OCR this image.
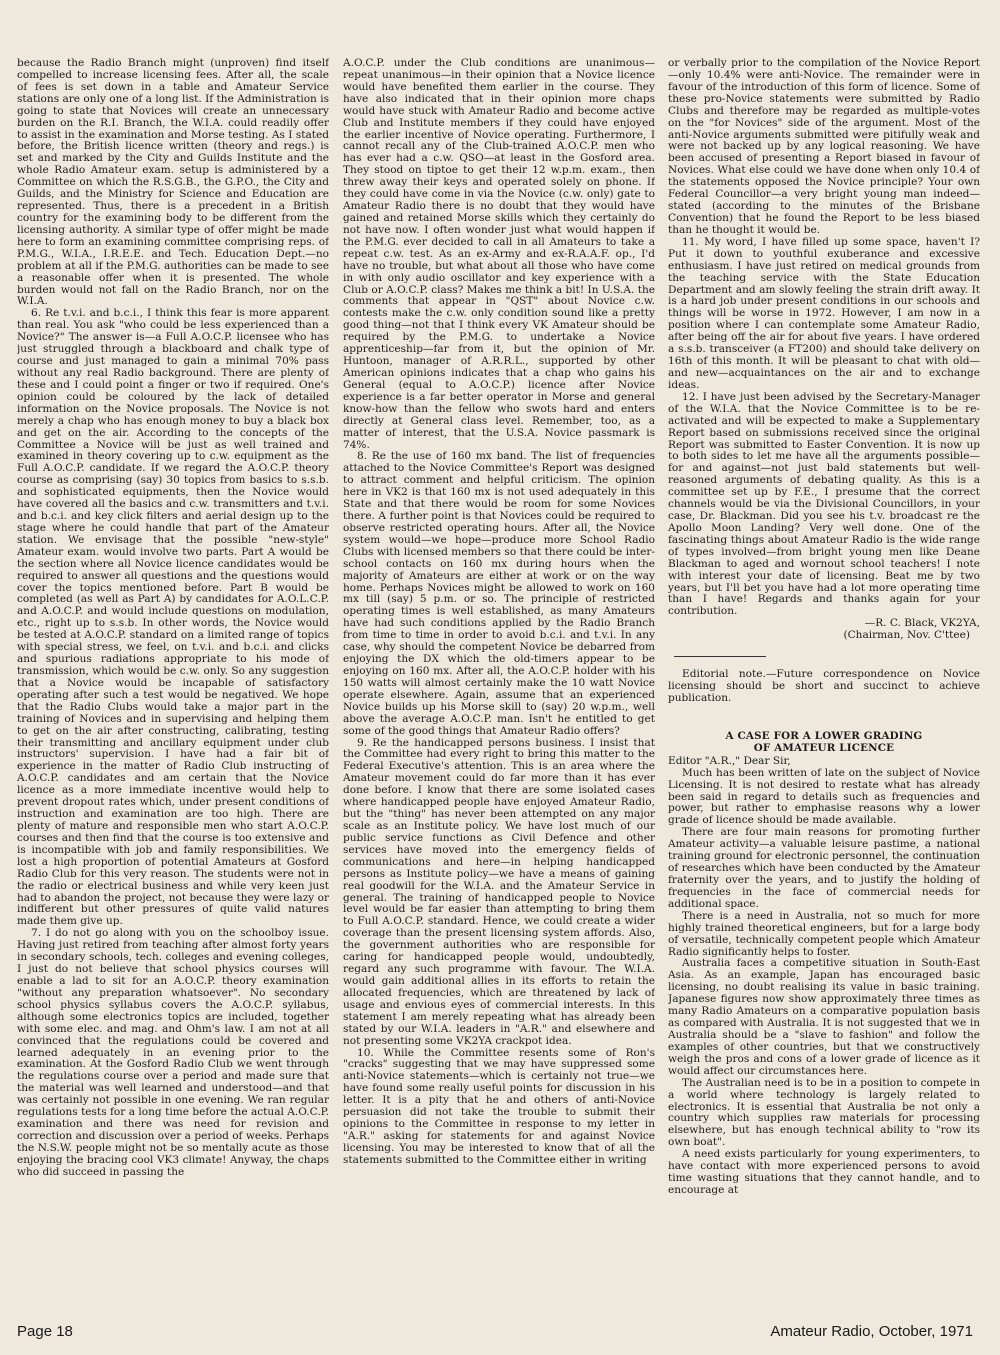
because the Radio Branch might (unproven) find itself compelled to increase licensing fees. After all, the scale of fees is set down in a table and Amateur Service stations are only one of a long list. If the Administration is going to state that Novices will create an unnecessary burden on the R.I. Branch, the W.I.A. could readily offer to assist in the examination and Morse testing. As I stated before, the British licence written (theory and regs.) is set and marked by the City and Guilds Institute and the whole Radio Amateur exam. setup is administered by a Committee on which the R.S.G.B., the G.P.O., the City and Guilds, and the Ministry for Science and Education are represented. Thus, there is a precedent in a British country for the examining body to be different from the licensing authority. A similar type of offer might be made here to form an examining committee comprising reps. of P.M.G., W.I.A., I.R.E.E. and Tech. Education Dept.—no problem at all if the P.M.G. authorities can be made to see a reasonable offer when it is presented. The whole burden would not fall on the Radio Branch, nor on the W.I.A.

6. Re t.v.i. and b.c.i., I think this fear is more apparent than real. You ask "who could be less experienced than a Novice?" The answer is—a Full A.O.C.P. licensee who has just struggled through a blackboard and chalk type of course and just managed to gain a minimal 70% pass without any real Radio background. There are plenty of these and I could point a finger or two if required. One's opinion could be coloured by the lack of detailed information on the Novice proposals. The Novice is not merely a chap who has enough money to buy a black box and get on the air. According to the concepts of the Committee a Novice will be just as well trained and examined in theory covering up to c.w. equipment as the Full A.O.C.P. candidate. If we regard the A.O.C.P. theory course as comprising (say) 30 topics from basics to s.s.b. and sophisticated equipments, then the Novice would have covered all the basics and c.w. transmitters and t.v.i. and b.c.i. and key click filters and aerial design up to the stage where he could handle that part of the Amateur station. We envisage that the possible "new-style" Amateur exam. would involve two parts. Part A would be the section where all Novice licence candidates would be required to answer all questions and the questions would cover the topics mentioned before. Part B would be completed (as well as Part A) by candidates for A.O.L.C.P. and A.O.C.P. and would include questions on modulation, etc., right up to s.s.b. In other words, the Novice would be tested at A.O.C.P. standard on a limited range of topics with special stress, we feel, on t.v.i. and b.c.i. and clicks and spurious radiations appropriate to his mode of transmission, which would be c.w. only. So any suggestion that a Novice would be incapable of satisfactory operating after such a test would be negatived. We hope that the Radio Clubs would take a major part in the training of Novices and in supervising and helping them to get on the air after constructing, calibrating, testing their transmitting and ancillary equipment under club instructors' supervision. I have had a fair bit of experience in the matter of Radio Club instructing of A.O.C.P. candidates and am certain that the Novice licence as a more immediate incentive would help to prevent dropout rates which, under present conditions of instruction and examination are too high. There are plenty of mature and responsible men who start A.O.C.P. courses and then find that the course is too extensive and is incompatible with job and family responsibilities. We lost a high proportion of potential Amateurs at Gosford Radio Club for this very reason. The students were not in the radio or electrical business and while very keen just had to abandon the project, not because they were lazy or indifferent but other pressures of quite valid natures made them give up.

7. I do not go along with you on the schoolboy issue. Having just retired from teaching after almost forty years in secondary schools, tech. colleges and evening colleges, I just do not believe that school physics courses will enable a lad to sit for an A.O.C.P. theory examination "without any preparation whatsoever". No secondary school physics syllabus covers the A.O.C.P. syllabus, although some electronics topics are included, together with some elec. and mag. and Ohm's law. I am not at all convinced that the regulations could be covered and learned adequately in an evening prior to the examination. At the Gosford Radio Club we went through the regulations course over a period and made sure that the material was well learned and understood—and that was certainly not possible in one evening. We ran regular regulations tests for a long time before the actual A.O.C.P. examination and there was need for revision and correction and discussion over a period of weeks. Perhaps the N.S.W. people might not be so mentally acute as those enjoying the bracing cool VK3 climate! Anyway, the chaps who did succeed in passing the

A.O.C.P. under the Club conditions are unanimous—repeat unanimous—in their opinion that a Novice licence would have benefited them earlier in the course. They have also indicated that in their opinion more chaps would have stuck with Amateur Radio and become active Club and Institute members if they could have enjoyed the earlier incentive of Novice operating. Furthermore, I cannot recall any of the Club-trained A.O.C.P. men who has ever had a c.w. QSO—at least in the Gosford area. They stood on tiptoe to get their 12 w.p.m. exam., then threw away their keys and operated solely on phone. If they could have come in via the Novice (c.w. only) gate to Amateur Radio there is no doubt that they would have gained and retained Morse skills which they certainly do not have now. I often wonder just what would happen if the P.M.G. ever decided to call in all Amateurs to take a repeat c.w. test. As an ex-Army and ex-R.A.A.F. op., I'd have no trouble, but what about all those who have come in with only audio oscillator and key experience with a Club or A.O.C.P. class? Makes me think a bit! In U.S.A. the comments that appear in "QST" about Novice c.w. contests make the c.w. only condition sound like a pretty good thing—not that I think every VK Amateur should be required by the P.M.G. to undertake a Novice apprenticeship—far from it, but the opinion of Mr. Huntoon, manager of A.R.R.L., supported by other American opinions indicates that a chap who gains his General (equal to A.O.C.P.) licence after Novice experience is a far better operator in Morse and general know-how than the fellow who swots hard and enters directly at General class level. Remember, too, as a matter of interest, that the U.S.A. Novice passmark is 74%.

8. Re the use of 160 mx band. The list of frequencies attached to the Novice Committee's Report was designed to attract comment and helpful criticism. The opinion here in VK2 is that 160 mx is not used adequately in this State and that there would be room for some Novices there. A further point is that Novices could be required to observe restricted operating hours. After all, the Novice system would—we hope—produce more School Radio Clubs with licensed members so that there could be inter-school contacts on 160 mx during hours when the majority of Amateurs are either at work or on the way home. Perhaps Novices might be allowed to work on 160 mx till (say) 5 p.m. or so. The principle of restricted operating times is well established, as many Amateurs have had such conditions applied by the Radio Branch from time to time in order to avoid b.c.i. and t.v.i. In any case, why should the competent Novice be debarred from enjoying the DX which the old-timers appear to be enjoying on 160 mx. After all, the A.O.C.P. holder with his 150 watts will almost certainly make the 10 watt Novice operate elsewhere. Again, assume that an experienced Novice builds up his Morse skill to (say) 20 w.p.m., well above the average A.O.C.P. man. Isn't he entitled to get some of the good things that Amateur Radio offers?

9. Re the handicapped persons business. I insist that the Committee had every right to bring this matter to the Federal Executive's attention. This is an area where the Amateur movement could do far more than it has ever done before. I know that there are some isolated cases where handicapped people have enjoyed Amateur Radio, but the "thing" has never been attempted on any major scale as an Institute policy. We have lost much of our public service functions as Civil Defence and other services have moved into the emergency fields of communications and here—in helping handicapped persons as Institute policy—we have a means of gaining real goodwill for the W.I.A. and the Amateur Service in general. The training of handicapped people to Novice level would be far easier than attempting to bring them to Full A.O.C.P. standard. Hence, we could create a wider coverage than the present licensing system affords. Also, the government authorities who are responsible for caring for handicapped people would, undoubtedly, regard any such programme with favour. The W.I.A. would gain additional allies in its efforts to retain the allocated frequencies, which are threatened by lack of usage and envious eyes of commercial interests. In this statement I am merely repeating what has already been stated by our W.I.A. leaders in "A.R." and elsewhere and not presenting some VK2YA crackpot idea.

10. While the Committee resents some of Ron's "cracks" suggesting that we may have suppressed some anti-Novice statements—which is certainly not true—we have found some really useful points for discussion in his letter. It is a pity that he and others of anti-Novice persuasion did not take the trouble to submit their opinions to the Committee in response to my letter in "A.R." asking for statements for and against Novice licensing. You may be interested to know that of all the statements submitted to the Committee either in writing

or verbally prior to the compilation of the Novice Report—only 10.4% were anti-Novice. The remainder were in favour of the introduction of this form of licence. Some of these pro-Novice statements were submitted by Radio Clubs and therefore may be regarded as multiple-votes on the "for Novices" side of the argument. Most of the anti-Novice arguments submitted were pitifully weak and were not backed up by any logical reasoning. We have been accused of presenting a Report biased in favour of Novices. What else could we have done when only 10.4 of the statements opposed the Novice principle? Your own Federal Councillor—a very bright young man indeed—stated (according to the minutes of the Brisbane Convention) that he found the Report to be less biased than he thought it would be.

11. My word, I have filled up some space, haven't I? Put it down to youthful exuberance and excessive enthusiasm. I have just retired on medical grounds from the teaching service with the State Education Department and am slowly feeling the strain drift away. It is a hard job under present conditions in our schools and things will be worse in 1972. However, I am now in a position where I can contemplate some Amateur Radio, after being off the air for about five years. I have ordered a s.s.b. transceiver (a FT200) and should take delivery on 16th of this month. It will be pleasant to chat with old—and new—acquaintances on the air and to exchange ideas.

12. I have just been advised by the Secretary-Manager of the W.I.A. that the Novice Committee is to be re-activated and will be expected to make a Supplementary Report based on submissions received since the original Report was submitted to Easter Convention. It is now up to both sides to let me have all the arguments possible—for and against—not just bald statements but well-reasoned arguments of debating quality. As this is a committee set up by F.E., I presume that the correct channels would be via the Divisional Councillors, in your case, Dr. Blackman. Did you see his t.v. broadcast re the Apollo Moon Landing? Very well done. One of the fascinating things about Amateur Radio is the wide range of types involved—from bright young men like Deane Blackman to aged and wornout school teachers! I note with interest your date of licensing. Beat me by two years, but I'll bet you have had a lot more operating time than I have! Regards and thanks again for your contribution.

—R. C. Black, VK2YA,

(Chairman, Nov. C'ttee)

Editorial note.—Future correspondence on Novice licensing should be short and succinct to achieve publication.

A CASE FOR A LOWER GRADING
OF AMATEUR LICENCE

Editor "A.R.," Dear Sir,

Much has been written of late on the subject of Novice Licensing. It is not desired to restate what has already been said in regard to details such as frequencies and power, but rather to emphasise reasons why a lower grade of licence should be made available.

There are four main reasons for promoting further Amateur activity—a valuable leisure pastime, a national training ground for electronic personnel, the continuation of researches which have been conducted by the Amateur fraternity over the years, and to justify the holding of frequencies in the face of commercial needs for additional space.

There is a need in Australia, not so much for more highly trained theoretical engineers, but for a large body of versatile, technically competent people which Amateur Radio significantly helps to foster.

Australia faces a competitive situation in South-East Asia. As an example, Japan has encouraged basic licensing, no doubt realising its value in basic training. Japanese figures now show approximately three times as many Radio Amateurs on a comparative population basis as compared with Australia. It is not suggested that we in Australia should be a "slave to fashion" and follow the examples of other countries, but that we constructively weigh the pros and cons of a lower grade of licence as it would affect our circumstances here.

The Australian need is to be in a position to compete in a world where technology is largely related to electronics. It is essential that Australia be not only a country which supplies raw materials for processing elsewhere, but has enough technical ability to "row its own boat".

A need exists particularly for young experimenters, to have contact with more experienced persons to avoid time wasting situations that they cannot handle, and to encourage at

Page 18	Amateur Radio, October, 1971
